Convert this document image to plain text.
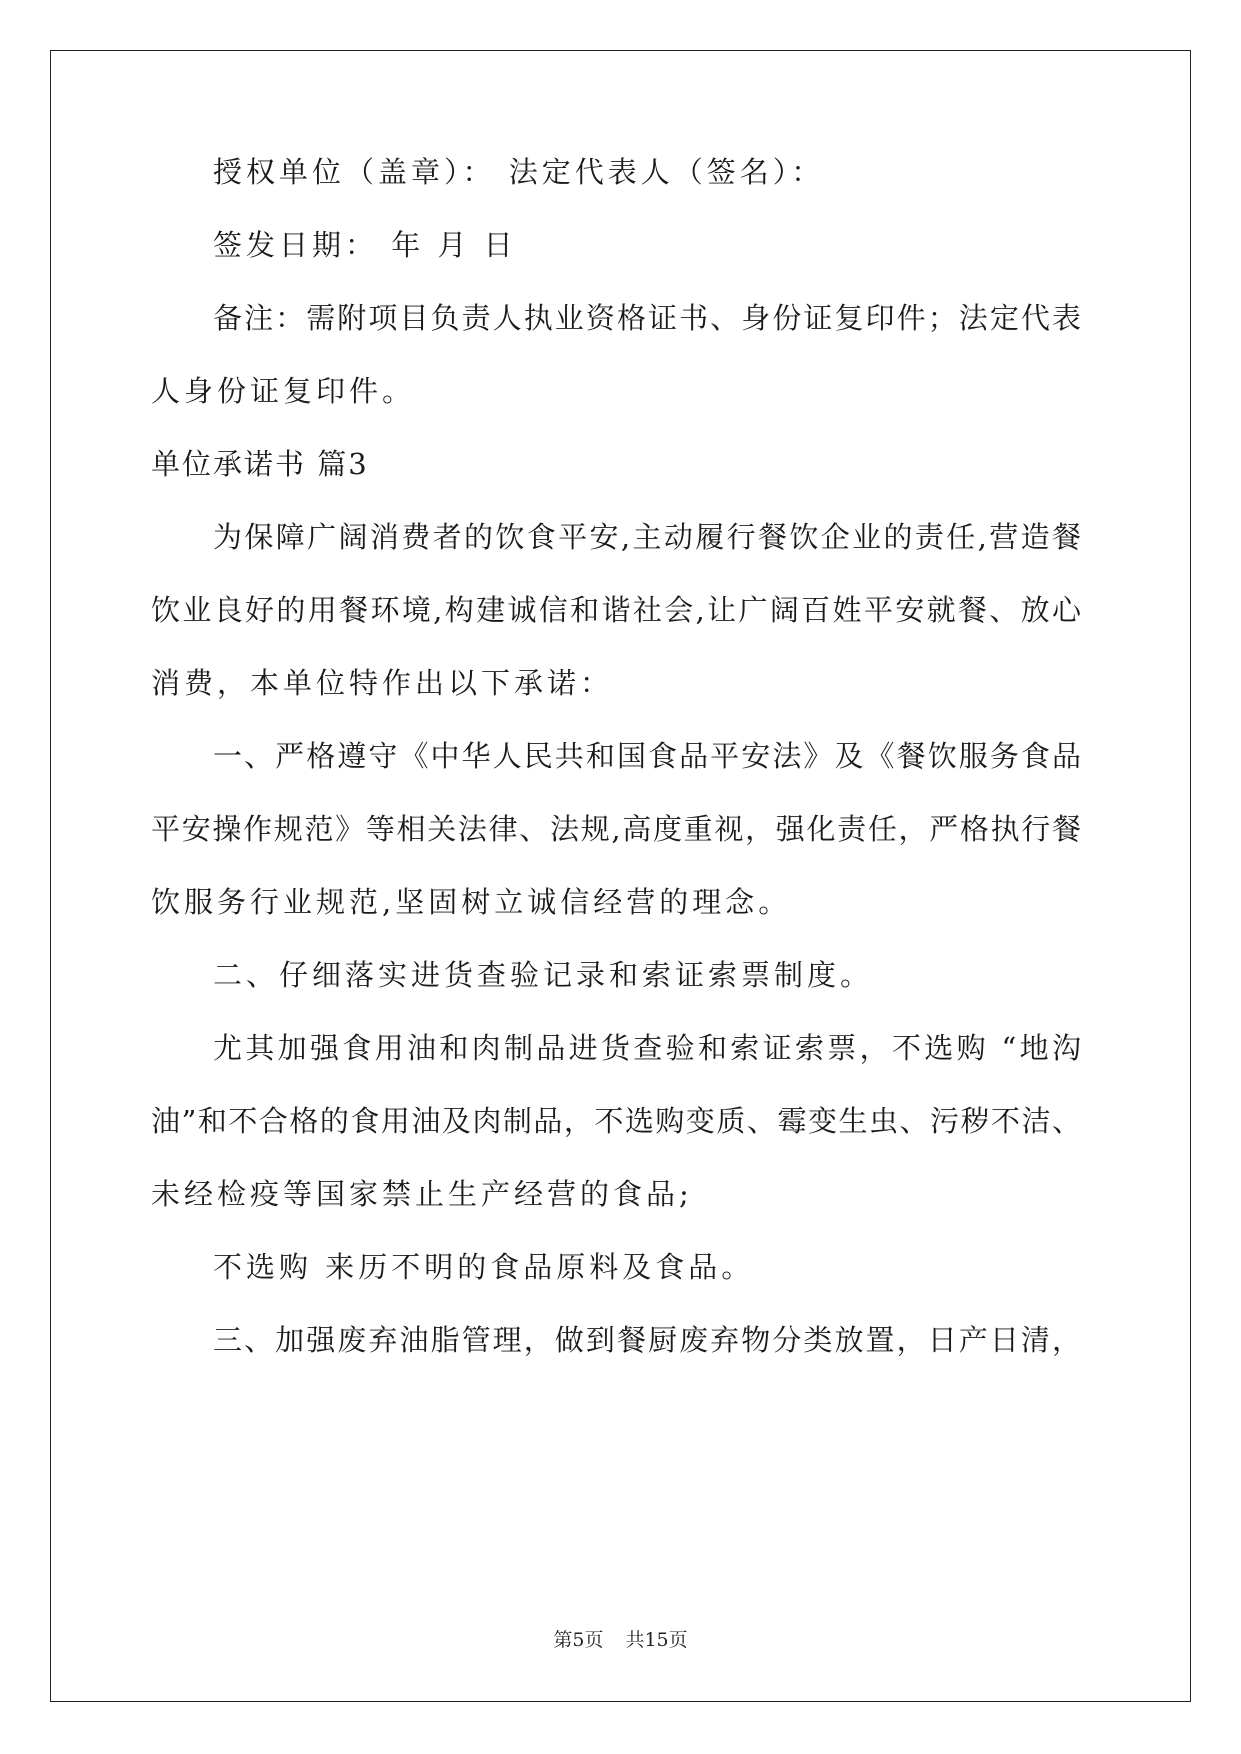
授权单位（盖章）： 法定代表人（签名）：
签发日期： 年 月 日
备注：需附项目负责人执业资格证书、身份证复印件；法定代表
人身份证复印件。
单位承诺书 篇3
为保障广阔消费者的饮食平安,主动履行餐饮企业的责任,营造餐
饮业良好的用餐环境,构建诚信和谐社会,让广阔百姓平安就餐、放心
消费，本单位特作出以下承诺：
一、严格遵守《中华人民共和国食品平安法》及《餐饮服务食品
平安操作规范》等相关法律、法规,高度重视，强化责任，严格执行餐
饮服务行业规范,坚固树立诚信经营的理念。
二、仔细落实进货查验记录和索证索票制度。
尤其加强食用油和肉制品进货查验和索证索票，不选购 “地沟
油”和不合格的食用油及肉制品，不选购变质、霉变生虫、污秽不洁、
未经检疫等国家禁止生产经营的食品;
不选购 来历不明的食品原料及食品。
三、加强废弃油脂管理，做到餐厨废弃物分类放置，日产日清，
第5页 共15页
